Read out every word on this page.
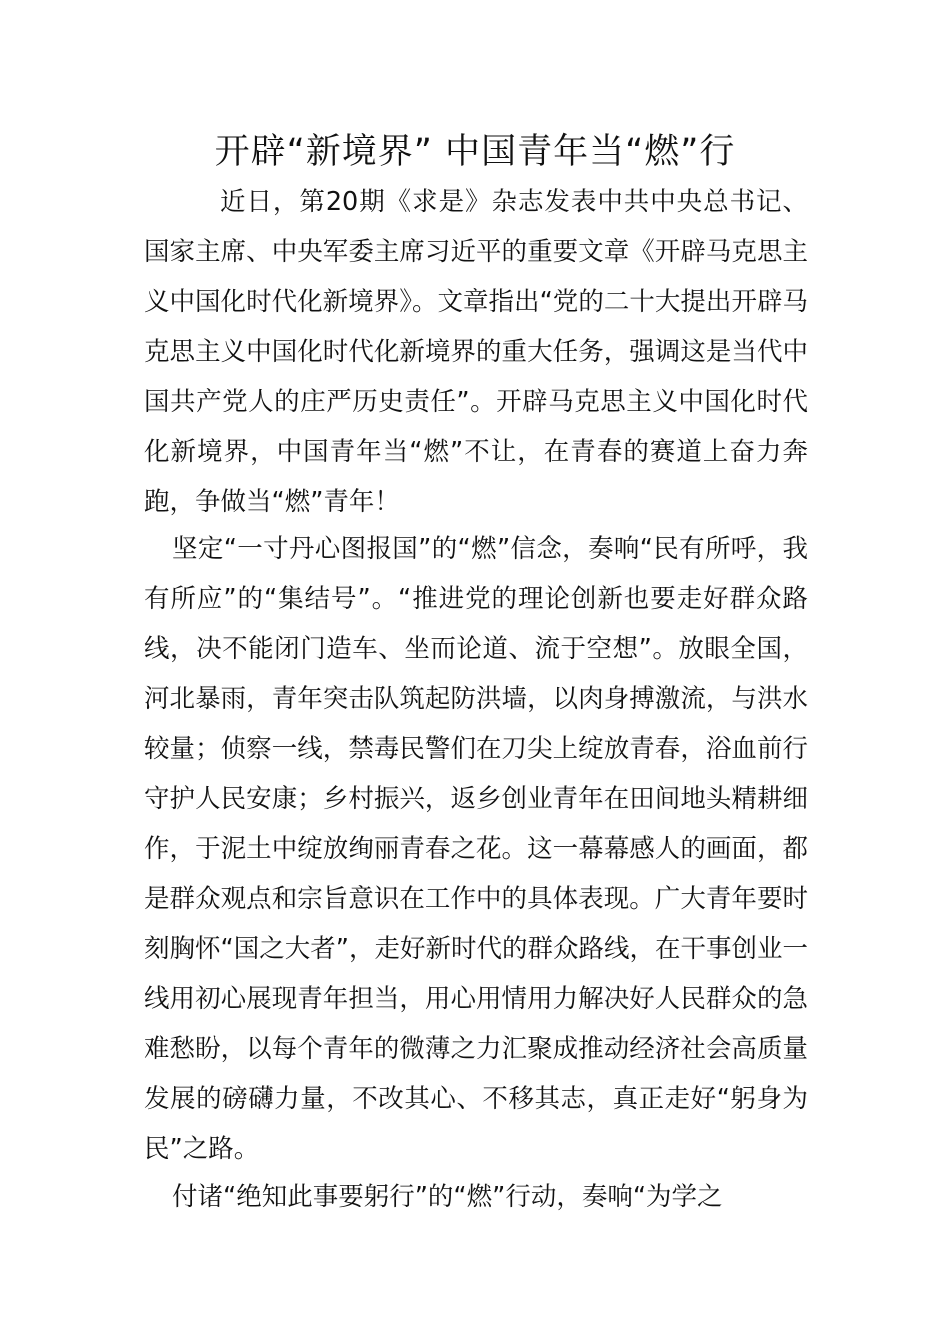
开辟“新境界” 中国青年当“燃”行

近日，第20期《求是》杂志发表中共中央总书记、国家主席、中央军委主席习近平的重要文章《开辟马克思主义中国化时代化新境界》。文章指出“党的二十大提出开辟马克思主义中国化时代化新境界的重大任务，强调这是当代中国共产党人的庄严历史责任”。开辟马克思主义中国化时代化新境界，中国青年当“燃”不让，在青春的赛道上奋力奔跑，争做当“燃”青年！

坚定“一寸丹心图报国”的“燃”信念，奏响“民有所呼，我有所应”的“集结号”。“推进党的理论创新也要走好群众路线，决不能闭门造车、坐而论道、流于空想”。放眼全国，河北暴雨，青年突击队筑起防洪墙，以肉身搏激流，与洪水较量；侦察一线，禁毒民警们在刀尖上绽放青春，浴血前行守护人民安康；乡村振兴，返乡创业青年在田间地头精耕细作，于泥土中绽放绚丽青春之花。这一幕幕感人的画面，都是群众观点和宗旨意识在工作中的具体表现。广大青年要时刻胸怀“国之大者”，走好新时代的群众路线，在干事创业一线用初心展现青年担当，用心用情用力解决好人民群众的急难愁盼，以每个青年的微薄之力汇聚成推动经济社会高质量发展的磅礴力量，不改其心、不移其志，真正走好“躬身为民”之路。

付诸“绝知此事要躬行”的“燃”行动，奏响“为学之
